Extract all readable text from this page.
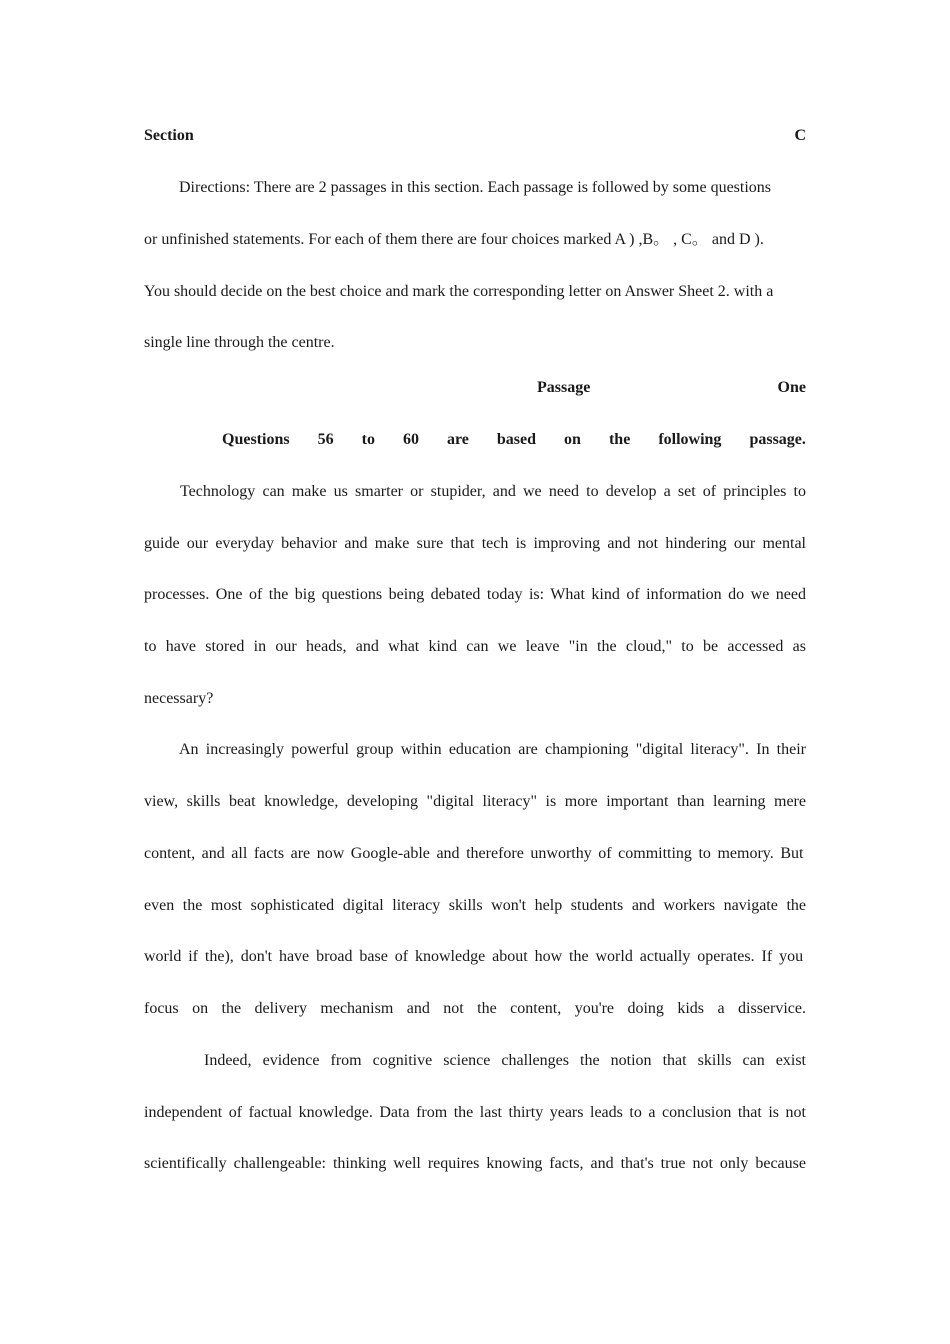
Section	C
Directions: There are 2 passages in this section. Each passage is followed by some questions
or unfinished statements. For each of them there are four choices marked A ) ,B。 , C。 and D ).
You should decide on the best choice and mark the corresponding letter on Answer Sheet 2. with a
single line through the centre.
Passage	One
Questions 56 to 60 are based on the following passage.
Technology can make us smarter or stupider, and we need to develop a set of principles to
guide our everyday behavior and make sure that tech is improving and not hindering our mental
processes. One of the big questions being debated today is: What kind of information do we need
to have stored in our heads, and what kind can we leave "in the cloud," to be accessed as
necessary?
An increasingly powerful group within education are championing "digital literacy". In their
view, skills beat knowledge, developing "digital literacy" is more important than learning mere
content, and all facts are now Google-able and therefore unworthy of committing to memory. But
even the most sophisticated digital literacy skills won't help students and workers navigate the
world if the), don't have broad base of knowledge about how the world actually operates. If you
focus on the delivery mechanism and not the content, you're doing kids a disservice.
Indeed, evidence from cognitive science challenges the notion that skills can exist
independent of factual knowledge. Data from the last thirty years leads to a conclusion that is not
scientifically challengeable: thinking well requires knowing facts, and that's true not only because
